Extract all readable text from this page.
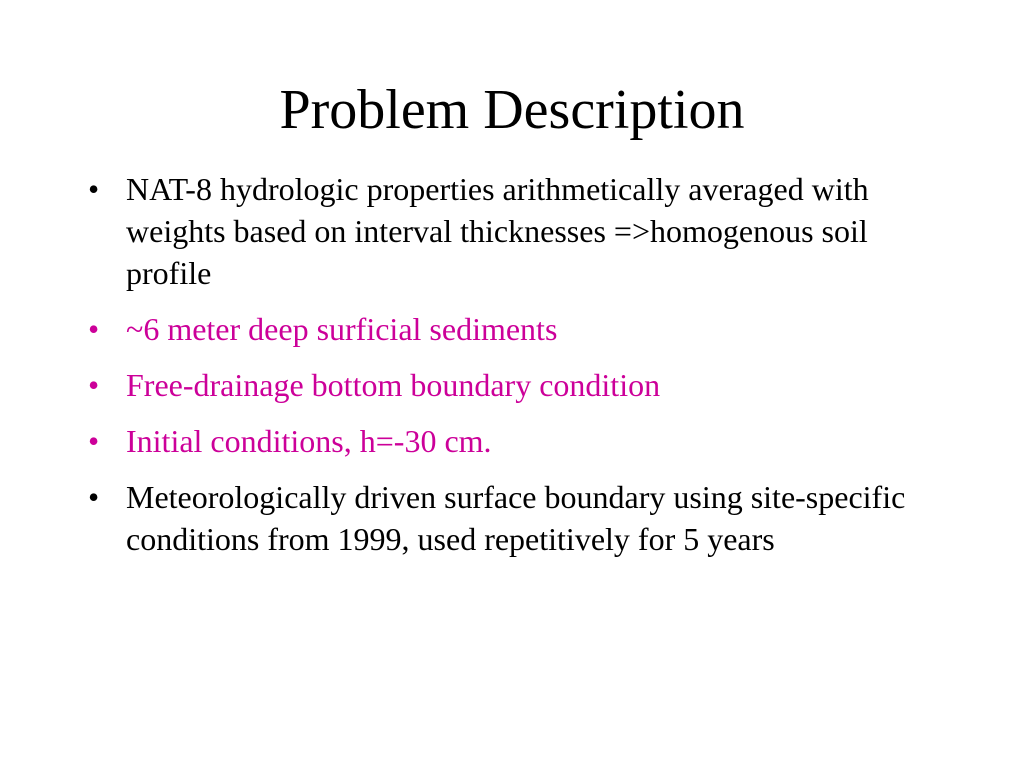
Problem Description
• NAT-8 hydrologic properties arithmetically averaged with weights based on interval thicknesses =>homogenous soil profile
• ~6 meter deep surficial sediments
• Free-drainage bottom boundary condition
• Initial conditions, h=-30 cm.
• Meteorologically driven surface boundary using site-specific conditions from 1999, used repetitively for 5 years
